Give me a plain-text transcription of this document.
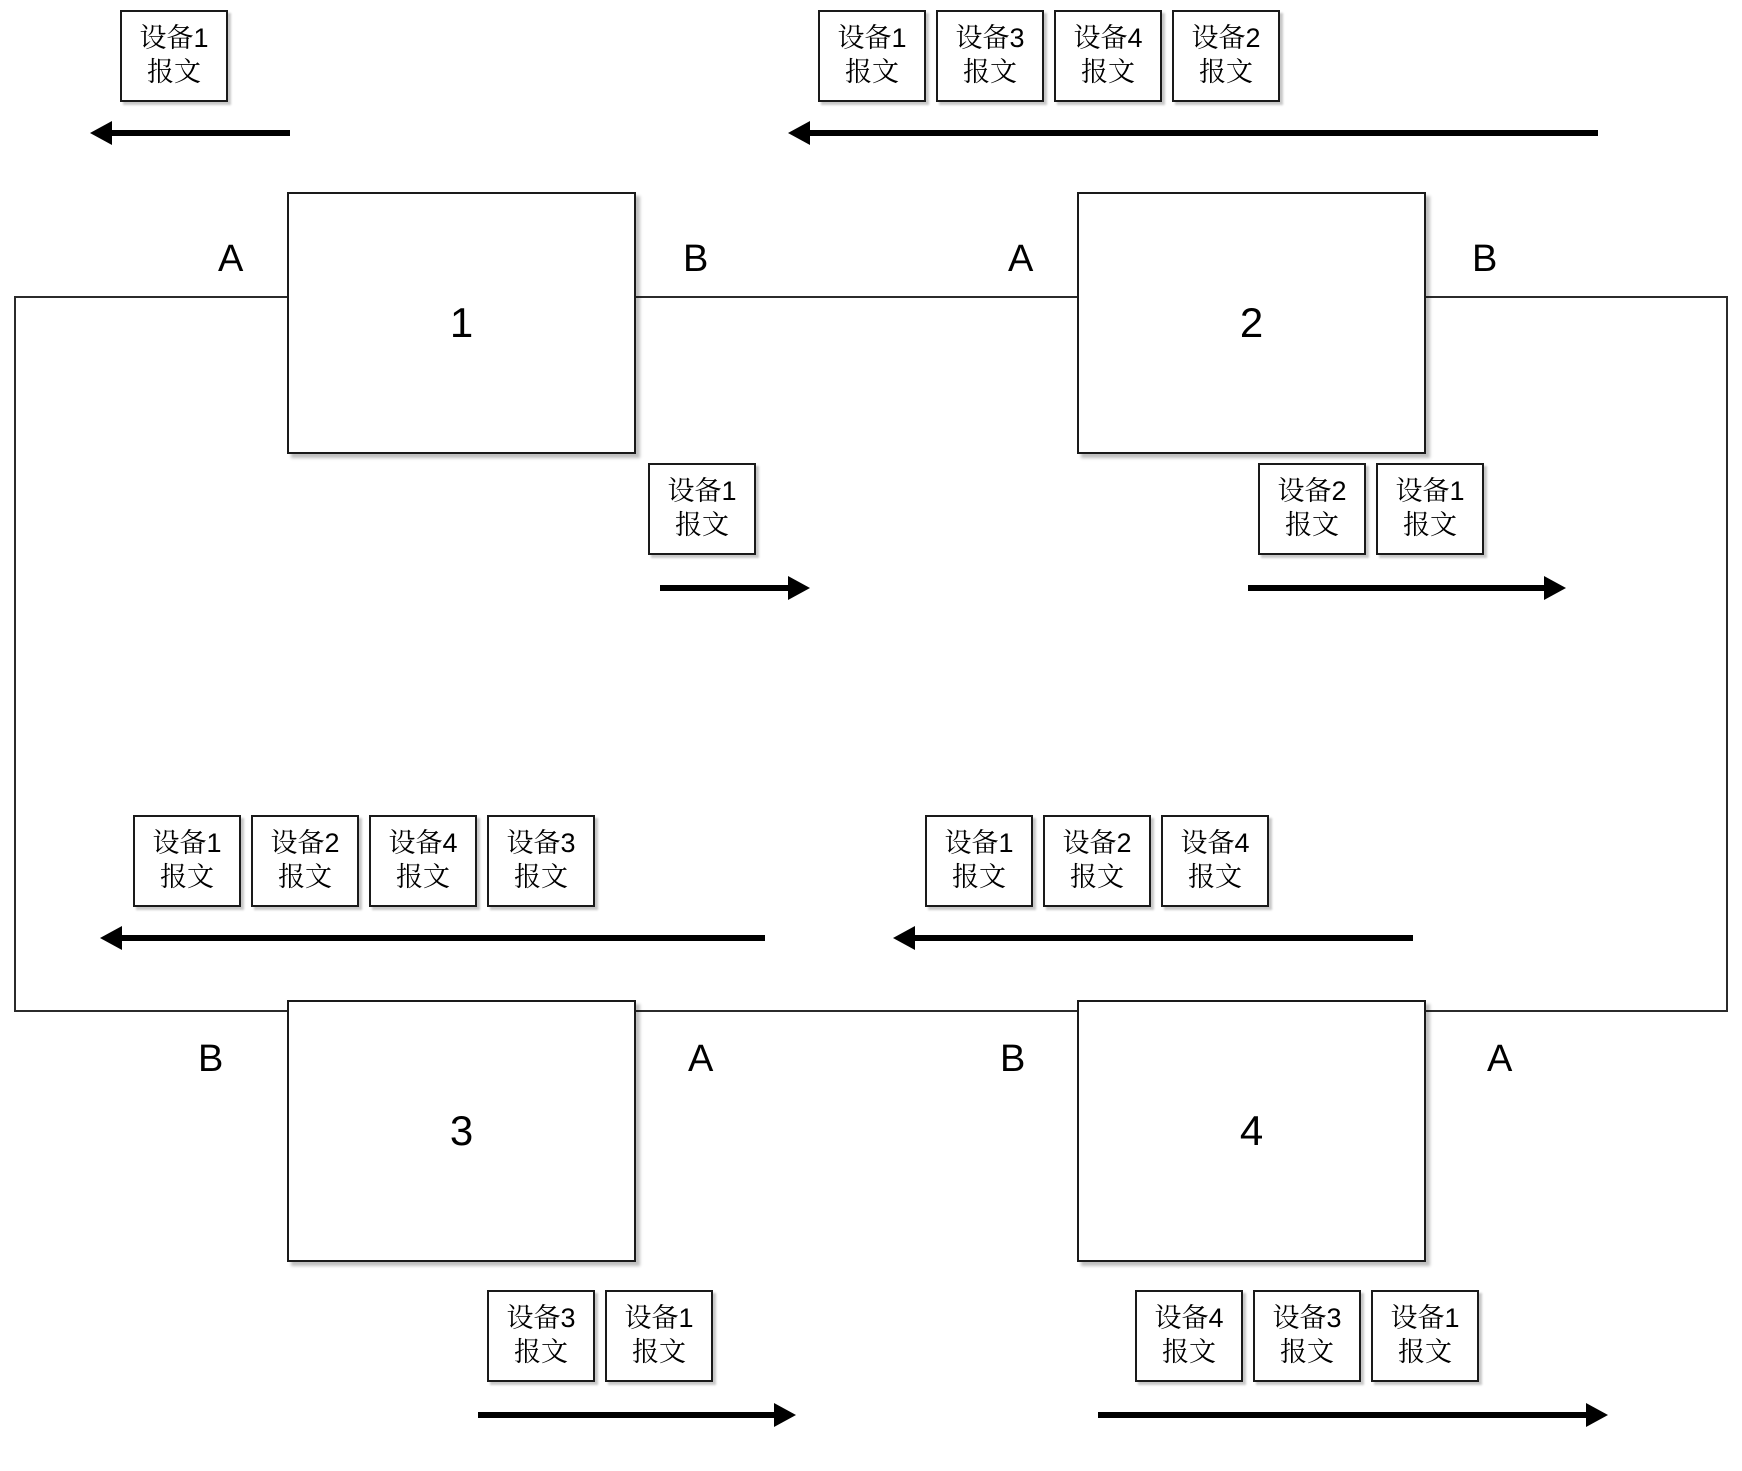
1	2
3	4
A	B	A	B
B	A	B	A
设备1
报文
设备1
报文
设备3
报文
设备4
报文
设备2
报文
设备1
报文
设备2
报文
设备1
报文
设备1
报文
设备2
报文
设备4
报文
设备3
报文
设备1
报文
设备2
报文
设备4
报文
设备3
报文
设备1
报文
设备4
报文
设备3
报文
设备1
报文
